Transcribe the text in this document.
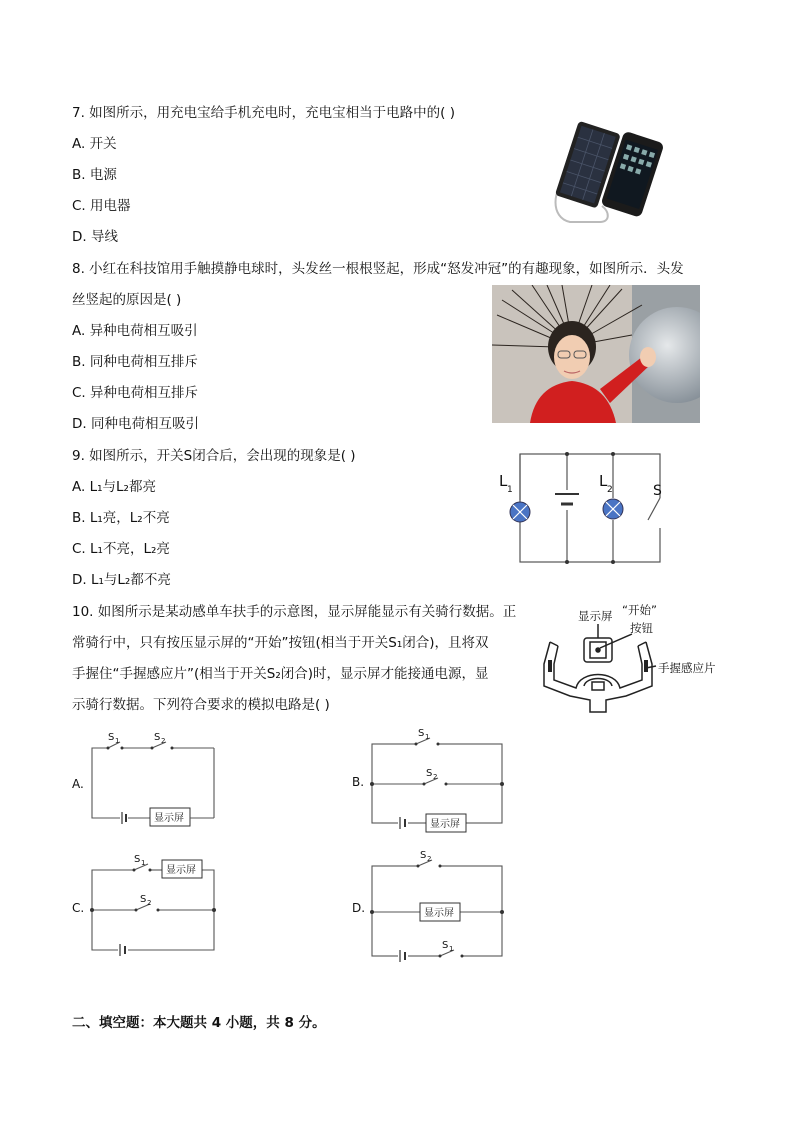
7. 如图所示，用充电宝给手机充电时，充电宝相当于电路中的( )
A. 开关
B. 电源
C. 用电器
D. 导线
8. 小红在科技馆用手触摸静电球时，头发丝一根根竖起，形成“怒发冲冠”的有趣现象，如图所示．头发
丝竖起的原因是( )
A. 异种电荷相互吸引
B. 同种电荷相互排斥
C. 异种电荷相互排斥
D. 同种电荷相互吸引
9. 如图所示，开关S闭合后，会出现的现象是( )
A. L₁与L₂都亮
B. L₁亮，L₂不亮
C. L₁不亮，L₂亮
D. L₁与L₂都不亮
L 1	L 2	S
10. 如图所示是某动感单车扶手的示意图，显示屏能显示有关骑行数据。正
常骑行中，只有按压显示屏的“开始”按钮(相当于开关S₁闭合)，且将双
手握住“手握感应片”(相当于开关S₂闭合)时，显示屏才能接通电源，显
示骑行数据。下列符合要求的模拟电路是( )
显示屏 “开始”
按钮
手握感应片
A.
显示屏
S 1	S 2
B.
显示屏
S 1
S 2
C.
显示屏
S 1
S 2	D.	显示屏
S 2
S 1
二、填空题：本大题共 4 小题，共 8 分。
